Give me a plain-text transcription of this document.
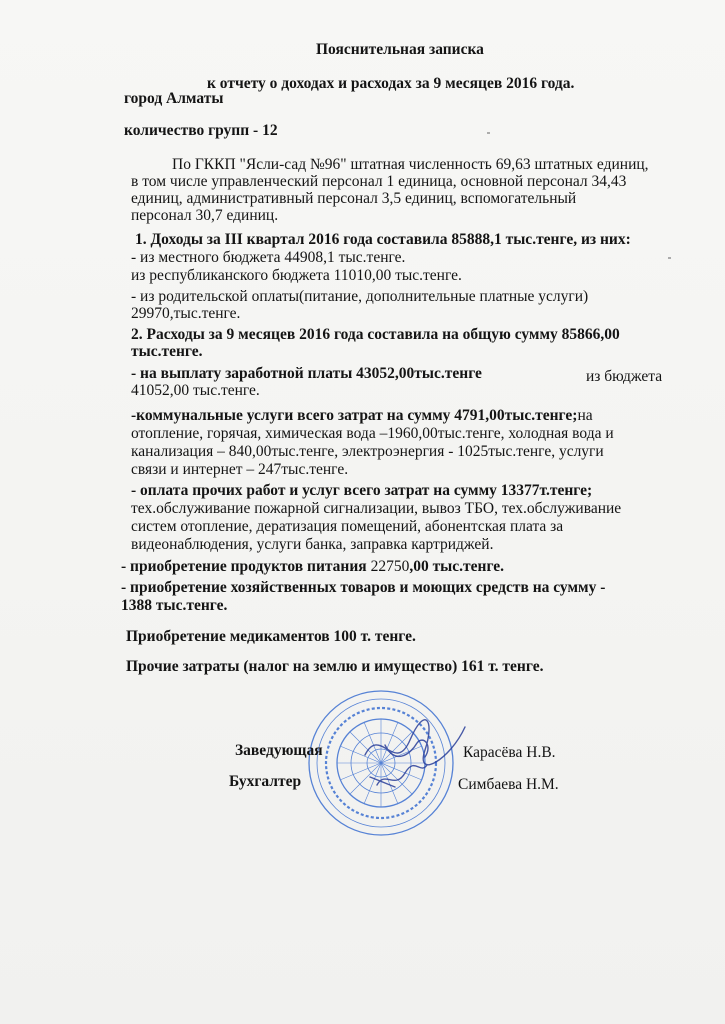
Пояснительная записка
к отчету о доходах и расходах за 9 месяцев 2016 года.
город Алматы
количество групп - 12
По ГККП "Ясли-сад №96" штатная численность 69,63 штатных единиц,
в том числе управленческий персонал 1 единица, основной персонал 34,43
единиц, административный персонал 3,5 единиц, вспомогательный
персонал 30,7 единиц.
1. Доходы за III квартал 2016 года составила 85888,1 тыс.тенге, из них:
- из местного бюджета 44908,1 тыс.тенге.
из республиканского бюджета 11010,00 тыс.тенге.
- из родительской оплаты(питание, дополнительные платные услуги)
29970,тыс.тенге.
2. Расходы за 9 месяцев 2016 года составила на общую сумму 85866,00
тыс.тенге.
- на выплату заработной платы 43052,00тыс.тенге	из бюджета
41052,00 тыс.тенге.
-коммунальные услуги всего затрат на сумму 4791,00тыс.тенге;на
отопление, горячая, химическая вода –1960,00тыс.тенге, холодная вода и
канализация – 840,00тыс.тенге, электроэнергия - 1025тыс.тенге, услуги
связи и интернет – 247тыс.тенге.
- оплата прочих работ и услуг всего затрат на сумму 13377т.тенге;
тех.обслуживание пожарной сигнализации, вывоз ТБО, тех.обслуживание
систем отопление, дератизация помещений, абонентская плата за
видеонаблюдения, услуги банка, заправка картриджей.
- приобретение продуктов питания 22750,00 тыс.тенге.
- приобретение хозяйственных товаров и моющих средств на сумму -
1388 тыс.тенге.
Приобретение медикаментов 100 т. тенге.
Прочие затраты (налог на землю и имущество) 161 т. тенге.
Заведующая	Карасёва Н.В.
Бухгалтер	Симбаева Н.М.
